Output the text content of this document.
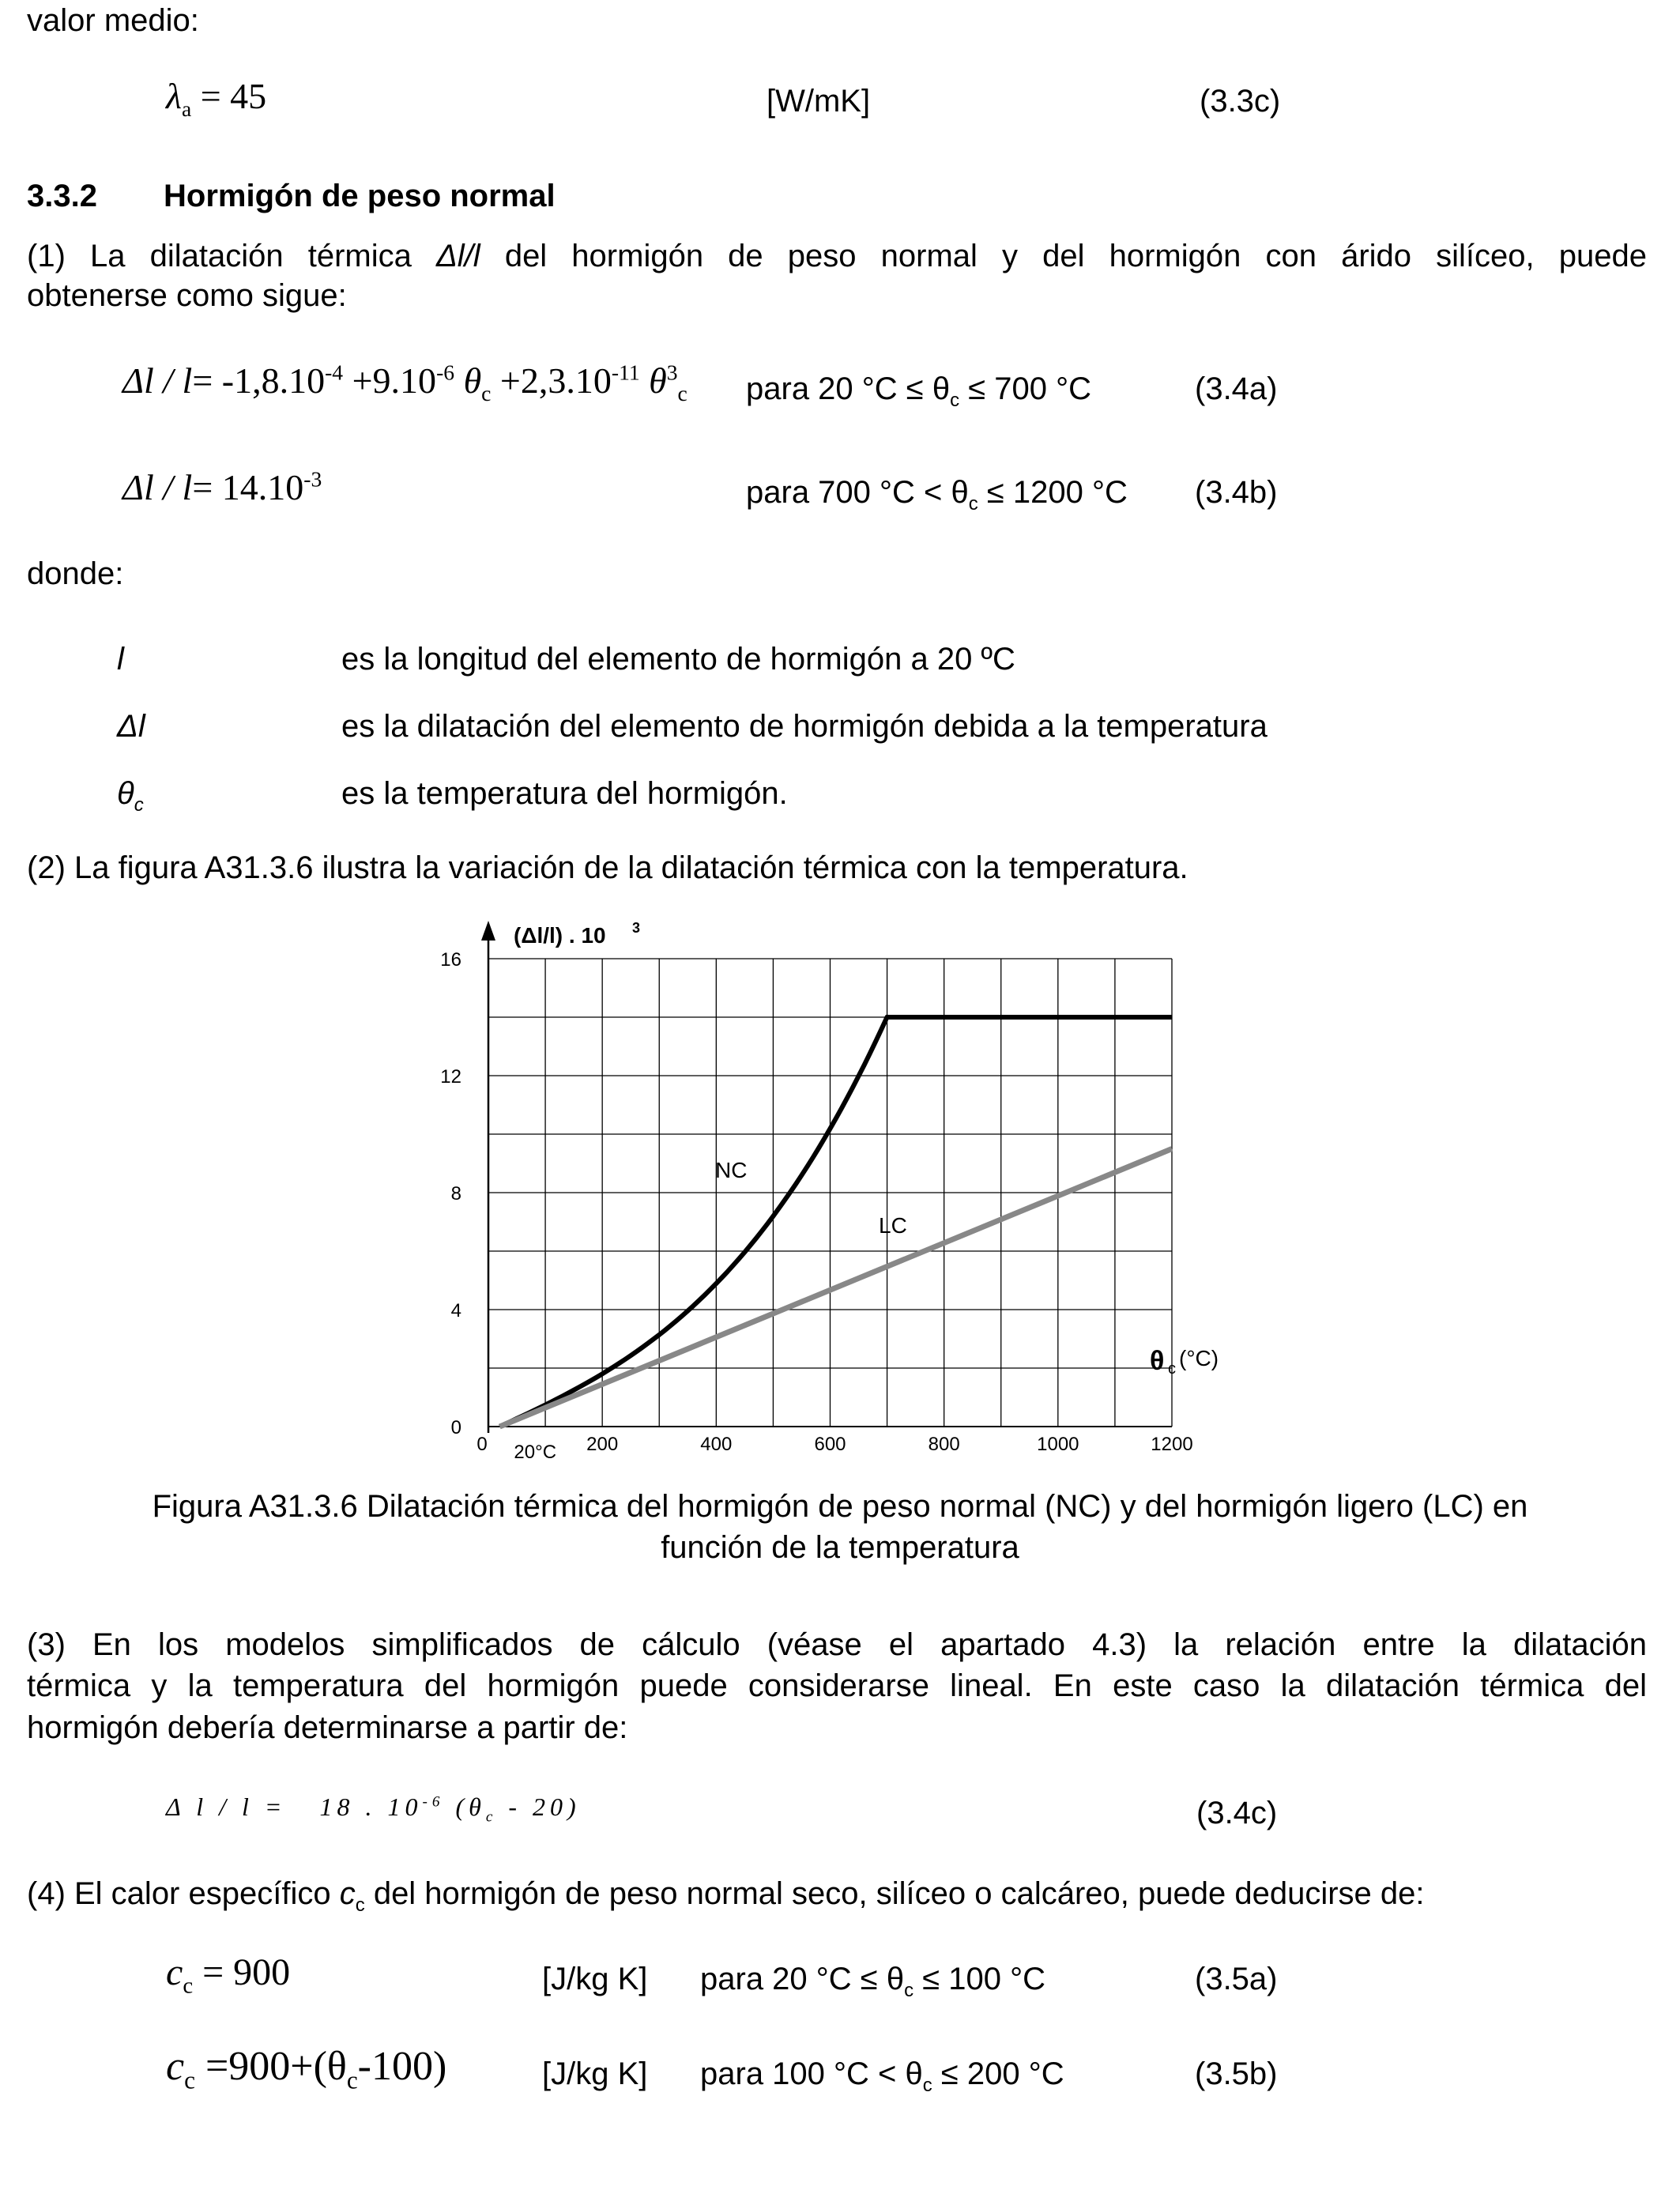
valor medio:
$\lambda_a = 45$	[W/mK]	(3.3c)
3.3.2 Hormigón de peso normal
(1) La dilatación térmica Δl/l del hormigón de peso normal y del hormigón con árido silíceo, puede
obtenerse como sigue:
$\Delta l / l= -1,8.10^{-4} +9.10^{-6}$ $\theta_c +2,3.10^{-11}$ $\theta^3_c$ para 20 $^\circ C \le \theta_c \le 700$ °C	(3.4a)
$\Delta l / l= 14.10^{-3}$	para 700 $^\circ C < \theta_c \le 1200$ °C (3.4b)
donde:
l	es la longitud del elemento de hormigón a 20 ºC
Δl	es la dilatación del elemento de hormigón debida a la temperatura
$\theta_c$	es la temperatura del hormigón.
(2) La figura A31.3.6 ilustra la variación de la dilatación térmica con la temperatura.
NC
LC
0
4
8
12
16
0	200	400	600	800	1000	1200
20°C
(Δl/l) . 10 3
θ c (°C)
Figura A31.3.6 Dilatación térmica del hormigón de peso normal (NC) y del hormigón ligero (LC) en
función de la temperatura
(3) En los modelos simplificados de cálculo (véase el apartado 4.3) la relación entre la dilatación
térmica y la temperatura del hormigón puede considerarse lineal. En este caso la dilatación térmica del
hormigón debería determinarse a partir de:
Δ l / l = 18 . $10^{-6}$ $(\theta_c - 20)$	(3.4c)
(4) El calor específico $c_c$ del hormigón de peso normal seco, silíceo o calcáreo, puede deducirse de:
$c_c = 900$	[J/kg K] para 20 $^\circ C \le \theta_c \le 100$ °C	(3.5a)
$c_c =900+(\theta_c-100)$	[J/kg K] para 100 $^\circ C < \theta_c \le 200$ °C	(3.5b)
